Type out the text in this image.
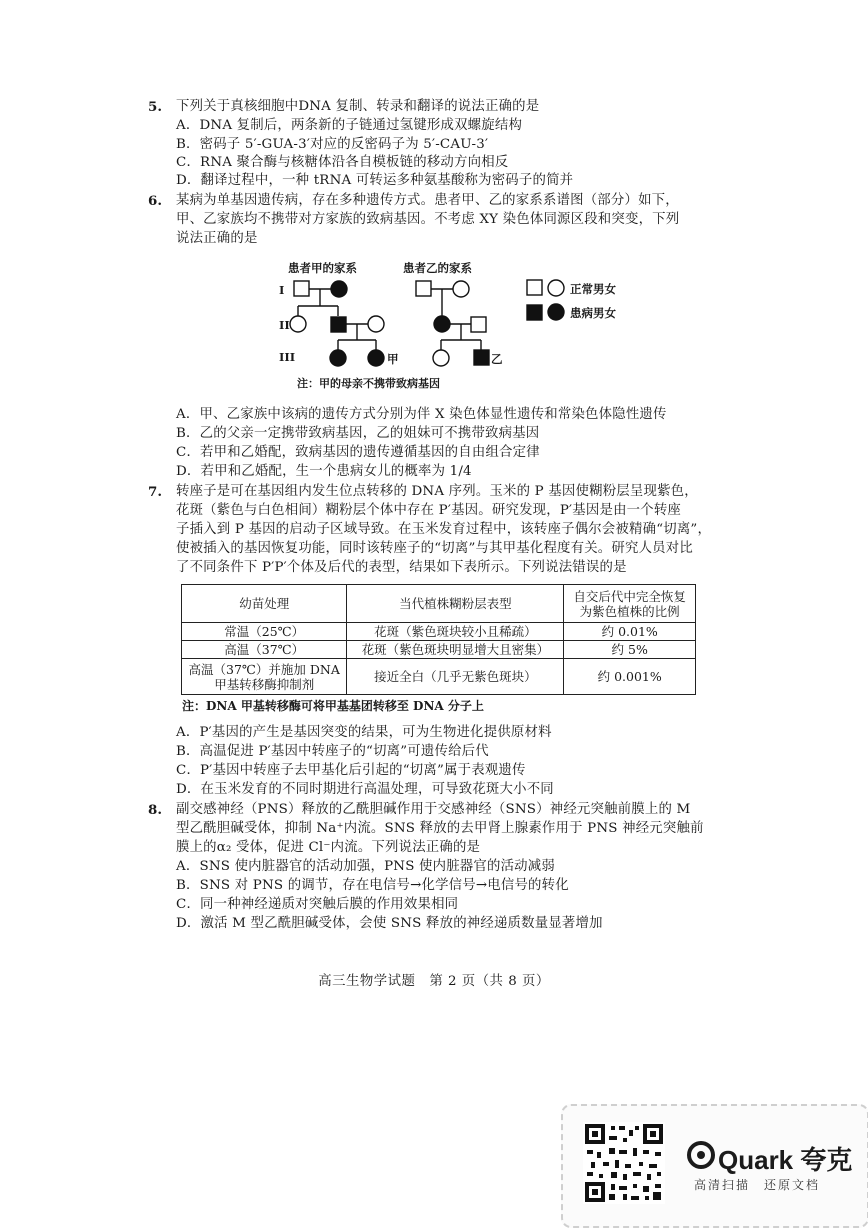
5. 下列关于真核细胞中DNA 复制、转录和翻译的说法正确的是
A．DNA 复制后，两条新的子链通过氢键形成双螺旋结构
B．密码子 5′-GUA-3′对应的反密码子为 5′-CAU-3′
C．RNA 聚合酶与核糖体沿各自模板链的移动方向相反
D．翻译过程中，一种 tRNA 可转运多种氨基酸称为密码子的简并
6. 某病为单基因遗传病，存在多种遗传方式。患者甲、乙的家系系谱图（部分）如下，
甲、乙家族均不携带对方家族的致病基因。不考虑 XY 染色体同源区段和突变，下列
说法正确的是
患者甲的家系	患者乙的家系
I
II
III	甲	乙
正常男女
患病男女
注：甲的母亲不携带致病基因
A．甲、乙家族中该病的遗传方式分别为伴 X 染色体显性遗传和常染色体隐性遗传
B．乙的父亲一定携带致病基因，乙的姐妹可不携带致病基因
C．若甲和乙婚配，致病基因的遗传遵循基因的自由组合定律
D．若甲和乙婚配，生一个患病女儿的概率为 1/4
7. 转座子是可在基因组内发生位点转移的 DNA 序列。玉米的 P 基因使糊粉层呈现紫色，
花斑（紫色与白色相间）糊粉层个体中存在 P′基因。研究发现，P′基因是由一个转座
子插入到 P 基因的启动子区域导致。在玉米发育过程中，该转座子偶尔会被精确“切离”，
使被插入的基因恢复功能，同时该转座子的“切离”与其甲基化程度有关。研究人员对比
了不同条件下 P′P′个体及后代的表型，结果如下表所示。下列说法错误的是
幼苗处理	当代植株糊粉层表型	自交后代中完全恢复
为紫色植株的比例

常温（25℃）	花斑（紫色斑块较小且稀疏）	约 0.01%
高温（37℃）	花斑（紫色斑块明显增大且密集）	约 5%

高温（37℃）并施加 DNA
甲基转移酶抑制剂	接近全白（几乎无紫色斑块）	约 0.001%
注：DNA 甲基转移酶可将甲基基团转移至 DNA 分子上
A．P′基因的产生是基因突变的结果，可为生物进化提供原材料
B．高温促进 P′基因中转座子的“切离”可遗传给后代
C．P′基因中转座子去甲基化后引起的“切离”属于表观遗传
D．在玉米发育的不同时期进行高温处理，可导致花斑大小不同
8. 副交感神经（PNS）释放的乙酰胆碱作用于交感神经（SNS）神经元突触前膜上的 M
型乙酰胆碱受体，抑制 Na⁺内流。SNS 释放的去甲肾上腺素作用于 PNS 神经元突触前
膜上的α₂ 受体，促进 Cl⁻内流。下列说法正确的是
A．SNS 使内脏器官的活动加强，PNS 使内脏器官的活动减弱
B．SNS 对 PNS 的调节，存在电信号→化学信号→电信号的转化
C．同一种神经递质对突触后膜的作用效果相同
D．激活 M 型乙酰胆碱受体，会使 SNS 释放的神经递质数量显著增加
高三生物学试题　第 2 页（共 8 页）
Quark 夸克
高清扫描　还原文档
